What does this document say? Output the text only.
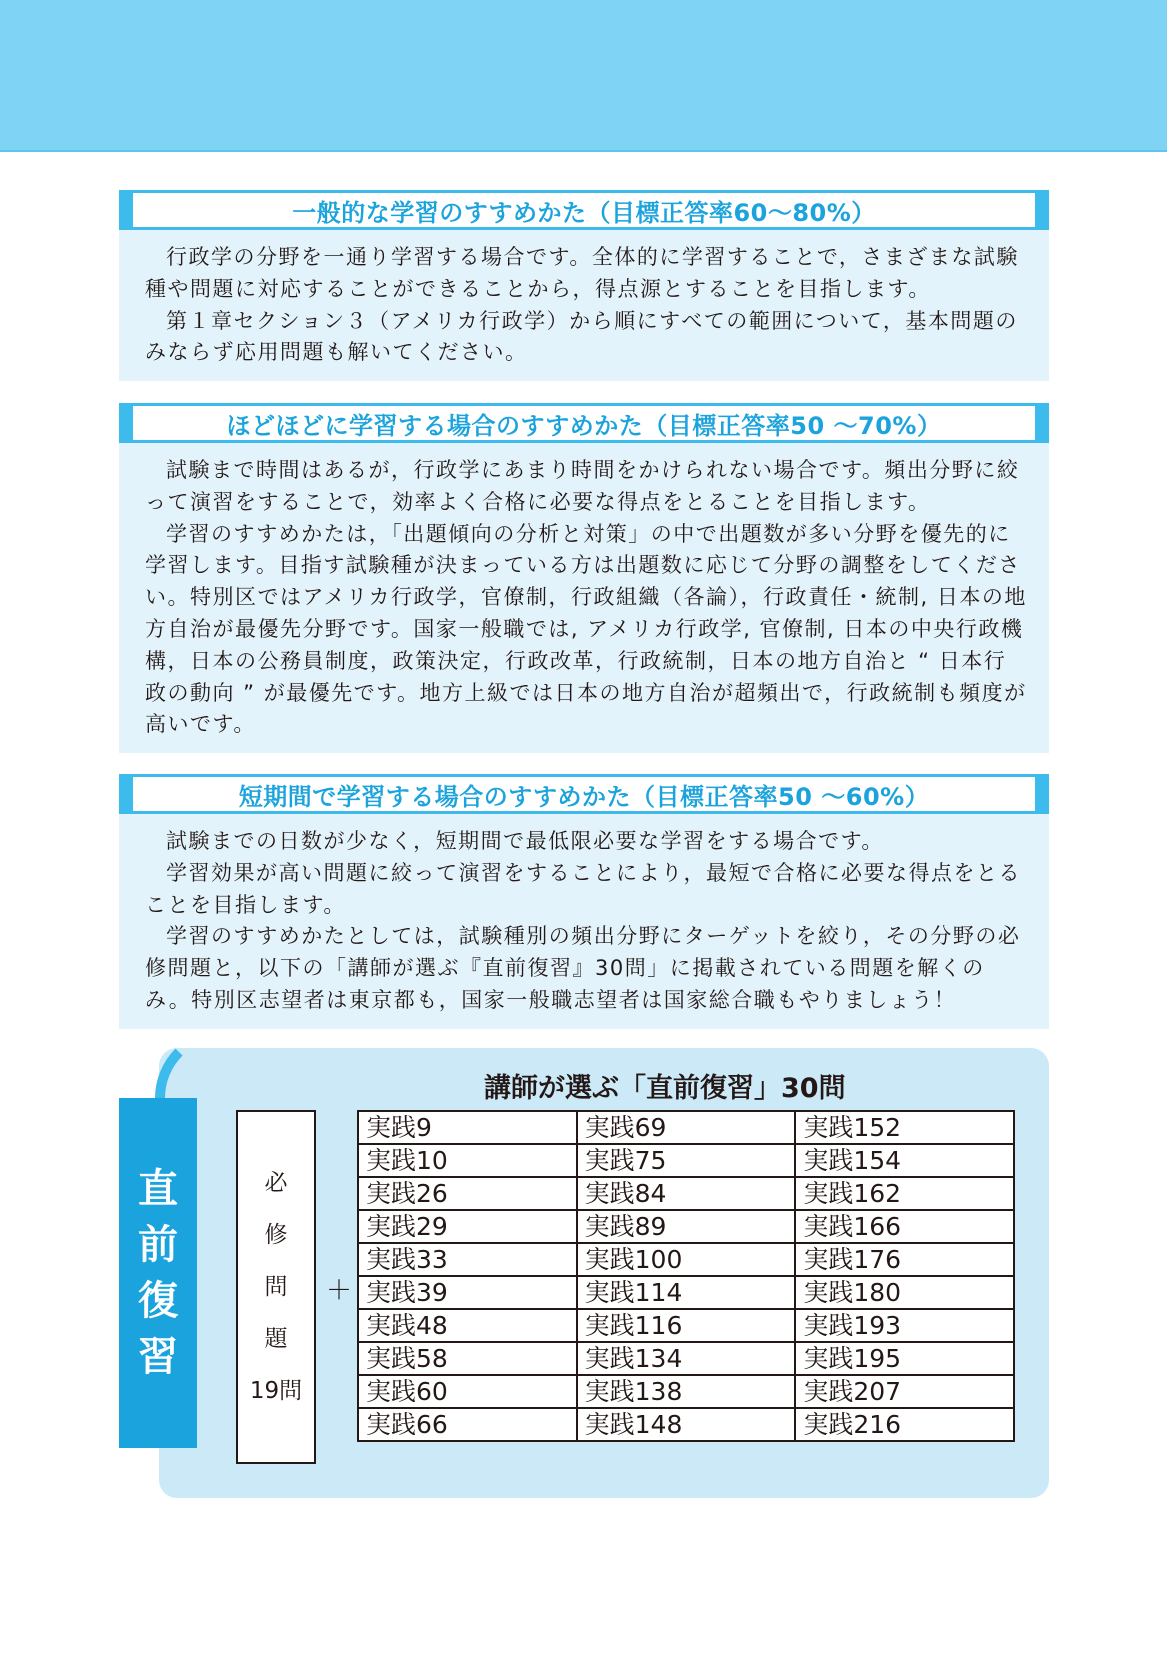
一般的な学習のすすめかた（目標正答率60～80%）

行政学の分野を一通り学習する場合です。全体的に学習することで，さまざまな試験種や問題に対応することができることから，得点源とすることを目指します。

第１章セクション３（アメリカ行政学）から順にすべての範囲について，基本問題のみならず応用問題も解いてください。

ほどほどに学習する場合のすすめかた（目標正答率50 ～70%）

試験まで時間はあるが，行政学にあまり時間をかけられない場合です。頻出分野に絞って演習をすることで，効率よく合格に必要な得点をとることを目指します。

学習のすすめかたは，「出題傾向の分析と対策」の中で出題数が多い分野を優先的に学習します。目指す試験種が決まっている方は出題数に応じて分野の調整をしてください。特別区ではアメリカ行政学，官僚制，行政組織（各論），行政責任・統制, 日本の地方自治が最優先分野です。国家一般職では, アメリカ行政学, 官僚制, 日本の中央行政機構，日本の公務員制度，政策決定，行政改革，行政統制，日本の地方自治と “ 日本行政の動向 ” が最優先です。地方上級では日本の地方自治が超頻出で，行政統制も頻度が高いです。

短期間で学習する場合のすすめかた（目標正答率50 ～60%）

試験までの日数が少なく，短期間で最低限必要な学習をする場合です。

学習効果が高い問題に絞って演習をすることにより，最短で合格に必要な得点をとることを目指します。

学習のすすめかたとしては，試験種別の頻出分野にターゲットを絞り，その分野の必修問題と，以下の「講師が選ぶ『直前復習』30問」に掲載されている問題を解くのみ。特別区志望者は東京都も，国家一般職志望者は国家総合職もやりましょう！

直
前
復
習
講師が選ぶ「直前復習」30問
必
修
問
題
19問
＋
実践9	実践69	実践152
実践10	実践75	実践154
実践26	実践84	実践162
実践29	実践89	実践166
実践33	実践100	実践176
実践39	実践114	実践180
実践48	実践116	実践193
実践58	実践134	実践195
実践60	実践138	実践207
実践66	実践148	実践216
